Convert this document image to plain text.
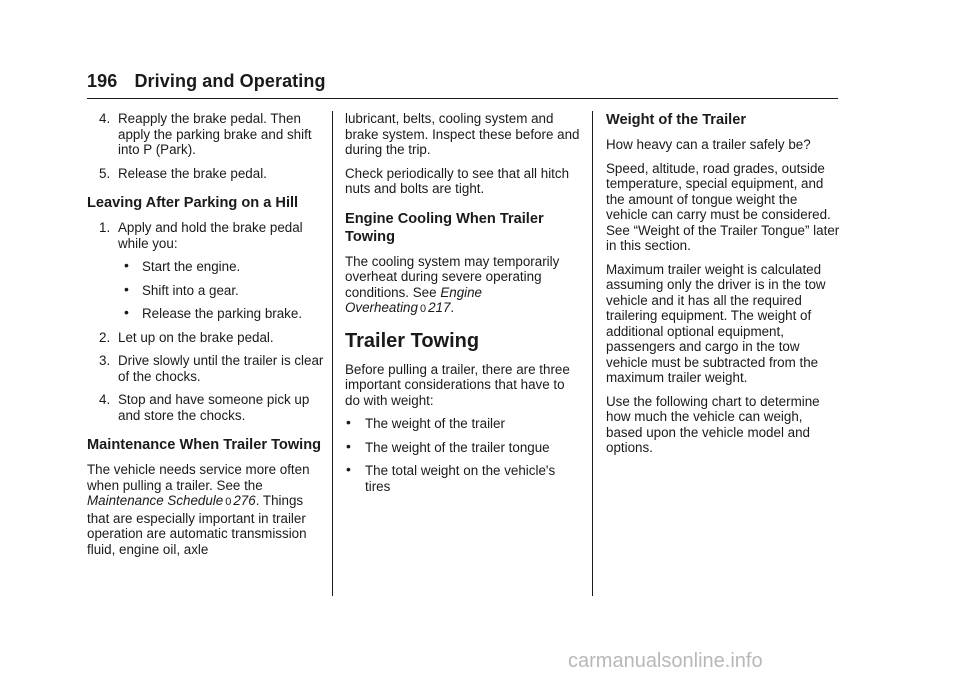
196 Driving and Operating
4. Reapply the brake pedal. Then apply the parking brake and shift into P (Park).
5. Release the brake pedal.
Leaving After Parking on a Hill
1. Apply and hold the brake pedal while you:
• Start the engine.
• Shift into a gear.
• Release the parking brake.
2. Let up on the brake pedal.
3. Drive slowly until the trailer is clear of the chocks.
4. Stop and have someone pick up and store the chocks.
Maintenance When Trailer Towing

The vehicle needs service more often when pulling a trailer. See the Maintenance Schedule 0 276. Things that are especially important in trailer operation are automatic transmission fluid, engine oil, axle

lubricant, belts, cooling system and brake system. Inspect these before and during the trip.

Check periodically to see that all hitch nuts and bolts are tight.

Engine Cooling When Trailer Towing

The cooling system may temporarily overheat during severe operating conditions. See Engine Overheating 0 217.

Trailer Towing

Before pulling a trailer, there are three important considerations that have to do with weight:

• The weight of the trailer
• The weight of the trailer tongue
• The total weight on the vehicle's tires
Weight of the Trailer

How heavy can a trailer safely be?

Speed, altitude, road grades, outside temperature, special equipment, and the amount of tongue weight the vehicle can carry must be considered. See “Weight of the Trailer Tongue” later in this section.

Maximum trailer weight is calculated assuming only the driver is in the tow vehicle and it has all the required trailering equipment. The weight of additional optional equipment, passengers and cargo in the tow vehicle must be subtracted from the maximum trailer weight.

Use the following chart to determine how much the vehicle can weigh, based upon the vehicle model and options.

carmanualsonline.info
